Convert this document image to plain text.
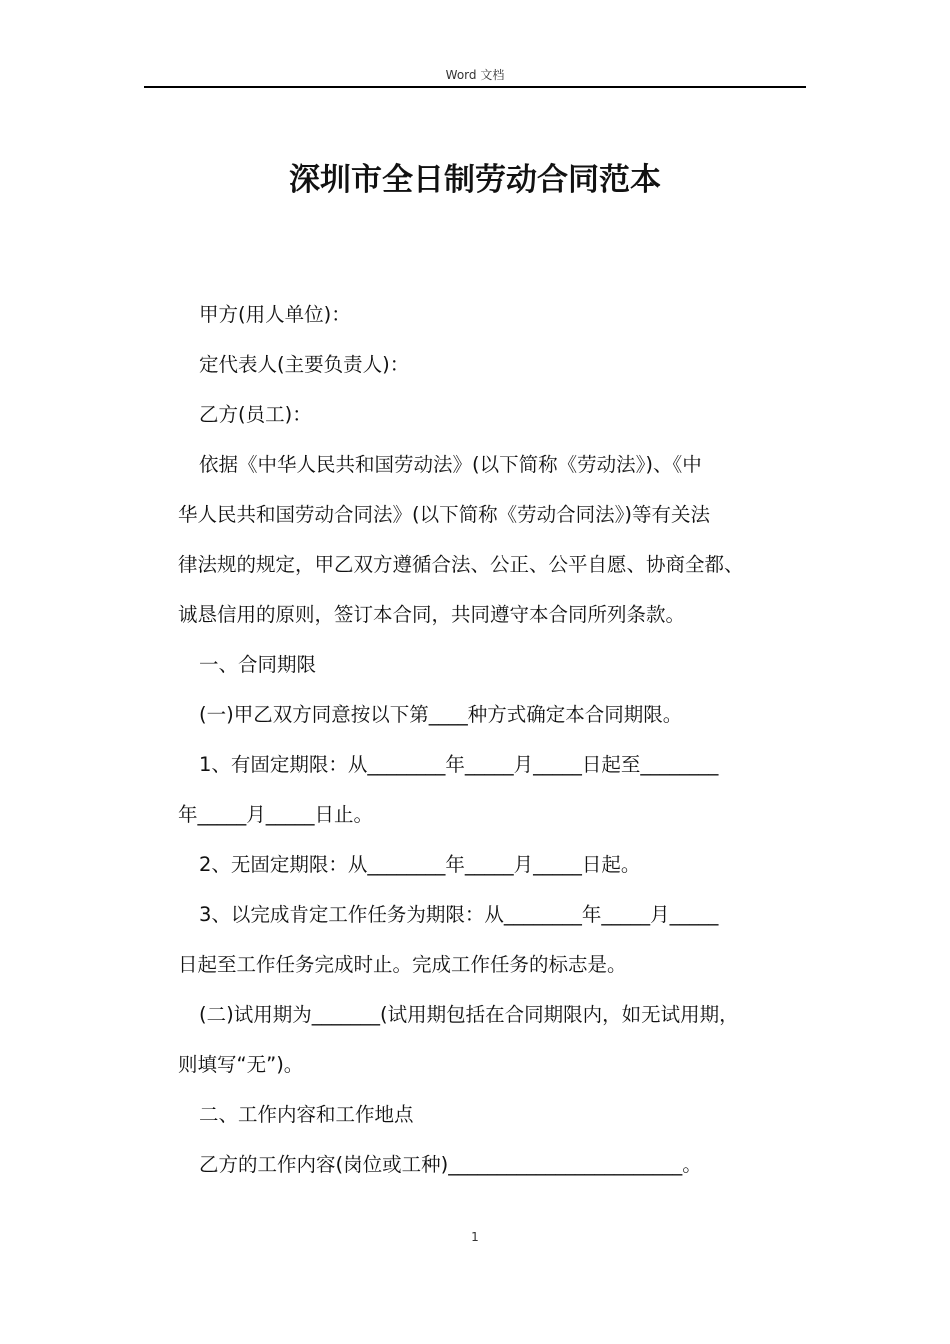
Word 文档
深圳市全日制劳动合同范本

甲方(用人单位)：

定代表人(主要负责人)：

乙方(员工)：

依据《中华人民共和国劳动法》(以下简称《劳动法》)、《中

华人民共和国劳动合同法》(以下简称《劳动合同法》)等有关法

律法规的规定，甲乙双方遵循合法、公正、公平自愿、协商全都、

诚恳信用的原则，签订本合同，共同遵守本合同所列条款。

一、合同期限

(一)甲乙双方同意按以下第____种方式确定本合同期限。

1、有固定期限：从________年_____月_____日起至________

年_____月_____日止。

2、无固定期限：从________年_____月_____日起。

3、以完成肯定工作任务为期限：从________年_____月_____

日起至工作任务完成时止。完成工作任务的标志是。

(二)试用期为_______(试用期包括在合同期限内，如无试用期，

则填写“无”)。

二、工作内容和工作地点

乙方的工作内容(岗位或工种)________________________。

1
